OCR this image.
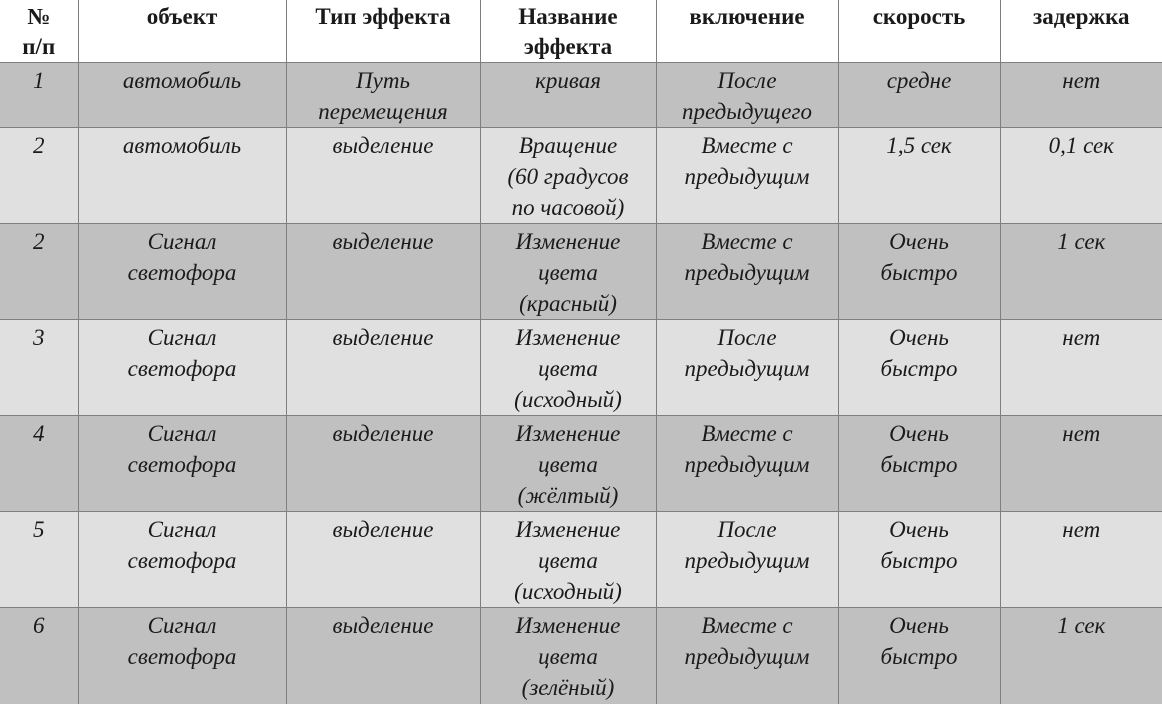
№
п/п	объект	Тип эффекта	Название
эффекта	включение	скорость	задержка

1	автомобиль	Путь
перемещения	кривая	После
предыдущего	средне	нет

2	автомобиль	выделение	Вращение
(60 градусов
по часовой)	Вместе с
предыдущим	1,5 сек	0,1 сек

2	Сигнал
светофора	выделение	Изменение
цвета
(красный)	Вместе с
предыдущим	Очень
быстро	1 сек

3	Сигнал
светофора	выделение	Изменение
цвета
(исходный)	После
предыдущим	Очень
быстро	нет

4	Сигнал
светофора	выделение	Изменение
цвета
(жёлтый)	Вместе с
предыдущим	Очень
быстро	нет

5	Сигнал
светофора	выделение	Изменение
цвета
(исходный)	После
предыдущим	Очень
быстро	нет

6	Сигнал
светофора	выделение	Изменение
цвета
(зелёный)	Вместе с
предыдущим	Очень
быстро	1 сек
